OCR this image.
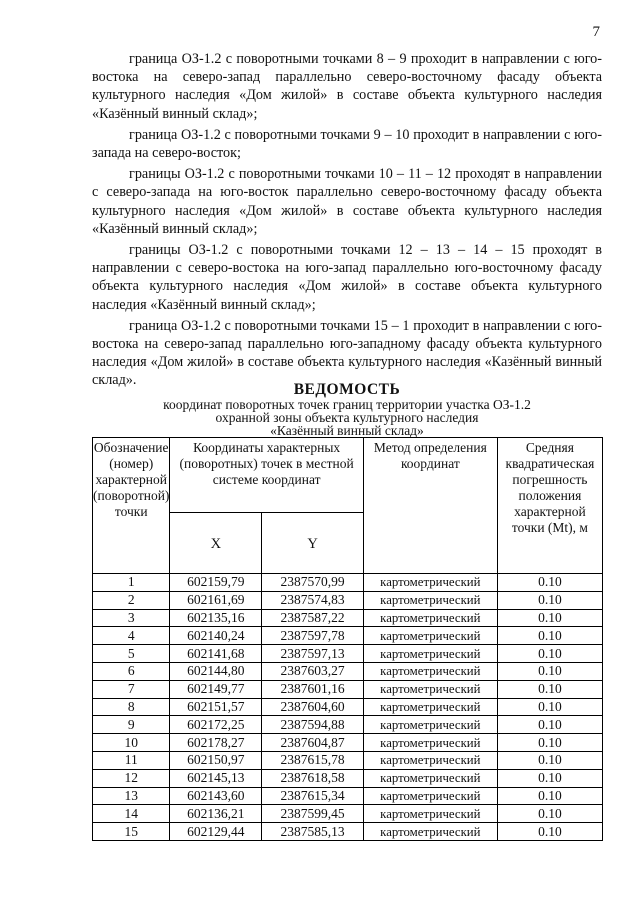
7

граница ОЗ-1.2 с поворотными точками 8 – 9 проходит в направлении с юго-востока на северо-запад параллельно северо-восточному фасаду объекта культурного наследия «Дом жилой» в составе объекта культурного наследия «Казённый винный склад»;

граница ОЗ-1.2 с поворотными точками 9 – 10 проходит в направлении с юго-запада на северо-восток;

границы ОЗ-1.2 с поворотными точками 10 – 11 – 12 проходят в направлении с северо-запада на юго-восток параллельно северо-восточному фасаду объекта культурного наследия «Дом жилой» в составе объекта культурного наследия «Казённый винный склад»;

границы ОЗ-1.2 с поворотными точками 12 – 13 – 14 – 15 проходят в направлении с северо-востока на юго-запад параллельно юго-восточному фасаду объекта культурного наследия «Дом жилой» в составе объекта культурного наследия «Казённый винный склад»;

граница ОЗ-1.2 с поворотными точками 15 – 1 проходит в направлении с юго-востока на северо-запад параллельно юго-западному фасаду объекта культурного наследия «Дом жилой» в составе объекта культурного наследия «Казённый винный склад».

ВЕДОМОСТЬ
координат поворотных точек границ территории участка ОЗ-1.2
охранной зоны объекта культурного наследия
«Казённый винный склад»
Обозначение (номер) характерной (поворотной) точки	Координаты характерных (поворотных) точек в местной системе координат		Метод определения координат	Средняя квадратическая погрешность положения характерной точки (Mt), м
	X	Y		
1	602159,79	2387570,99	картометрический	0.10
2	602161,69	2387574,83	картометрический	0.10
3	602135,16	2387587,22	картометрический	0.10
4	602140,24	2387597,78	картометрический	0.10
5	602141,68	2387597,13	картометрический	0.10
6	602144,80	2387603,27	картометрический	0.10
7	602149,77	2387601,16	картометрический	0.10
8	602151,57	2387604,60	картометрический	0.10
9	602172,25	2387594,88	картометрический	0.10
10	602178,27	2387604,87	картометрический	0.10
11	602150,97	2387615,78	картометрический	0.10
12	602145,13	2387618,58	картометрический	0.10
13	602143,60	2387615,34	картометрический	0.10
14	602136,21	2387599,45	картометрический	0.10
15	602129,44	2387585,13	картометрический	0.10
